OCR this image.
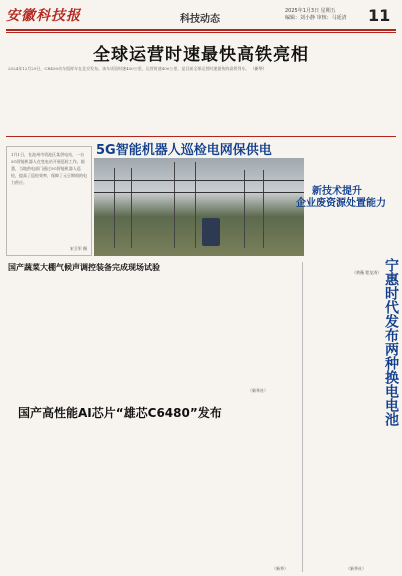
安徽科技报	科技动态
2025年1月3日 星期五
编辑：刘小静 审核：马延清	11
全球运营时速最快高铁亮相
2024年12月29日，CR450动车组样车在北京发布。该车试验时速450公里，运营时速400公里，是目前全球运营时速最快的高铁列车。 （新华）
5G智能机器人巡检电网保供电
1月1日，在池州市贵池区某供电站，一台5G智能机器人在变电站开展巡检工作。据悉，当地供电部门通过5G智能机器人巡检，提高了巡检效率，保障了元旦期间的电力供应。
宋卫军 摄
新技术提升
企业废资源处置能力
（黄薇 程龙涛）
国产蔬菜大棚气候声调控装备完成现场试验
（新华社）
国产高性能AI芯片“雄芯C6480”发布
（新华）
宁惠时代发布两种换电电池
（新华社）
